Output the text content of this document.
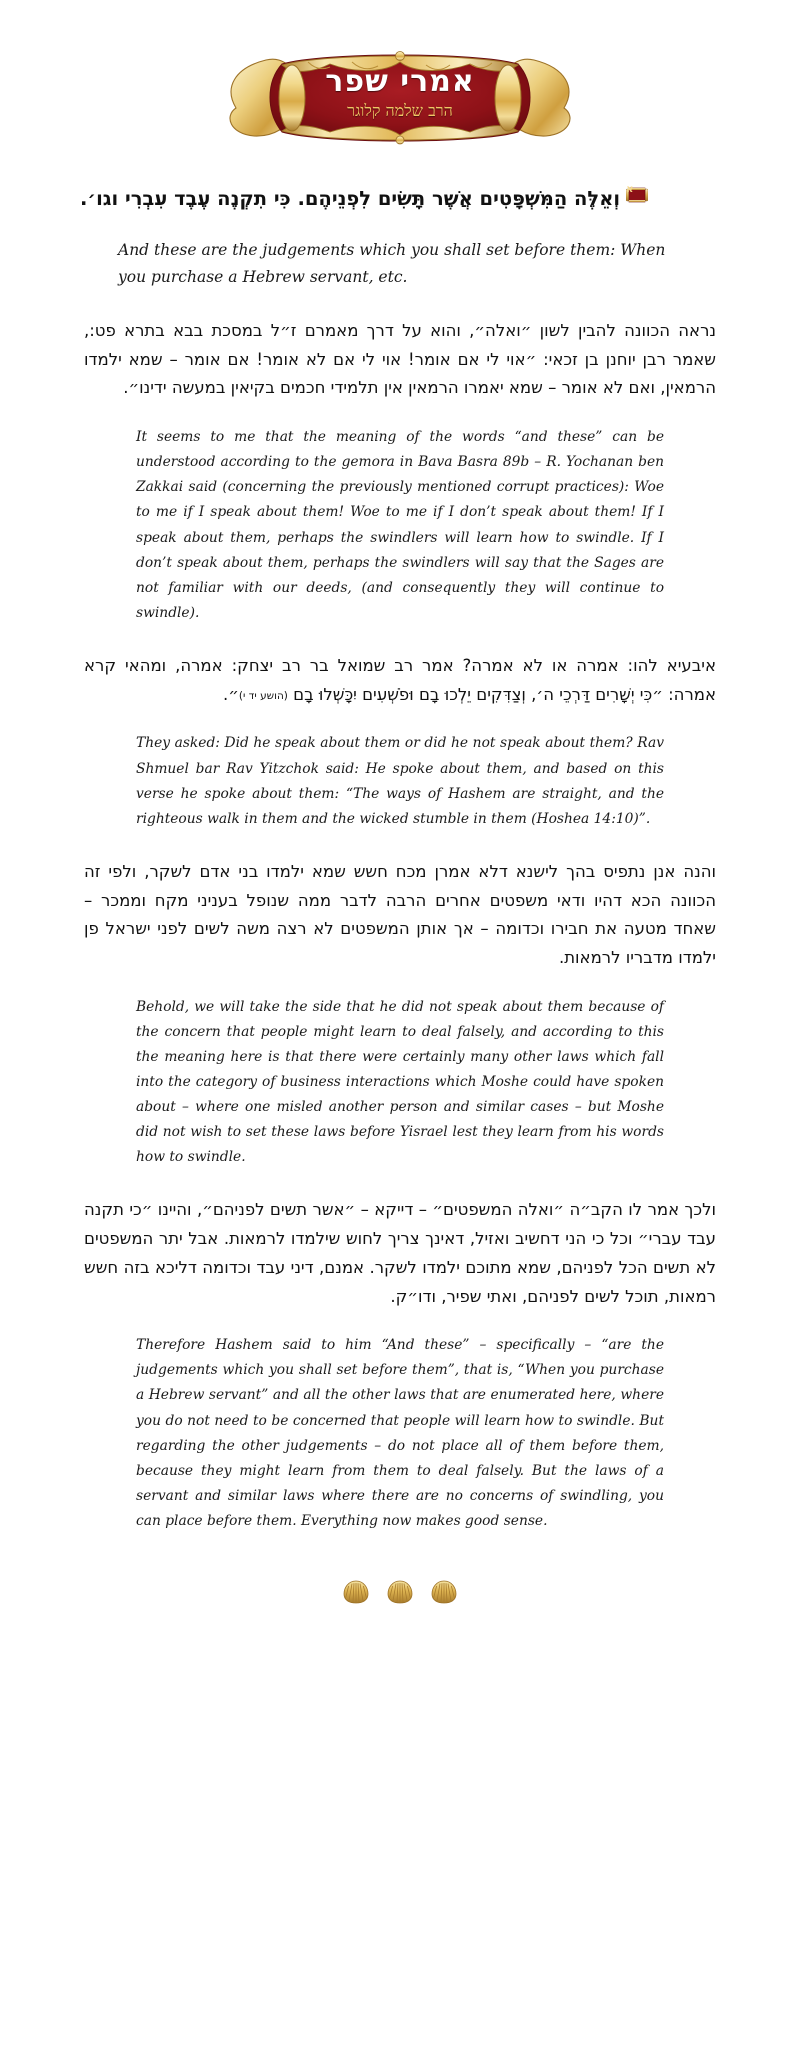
אמרי שפר
הרב שלמה קלוגר
א
וְאֵלֶּה הַמִּשְׁפָּטִים אֲשֶׁר תָּשִׂים לִפְנֵיהֶם. כִּי תִקְנֶה עֶבֶד עִבְרִי וגו׳.
And these are the judgements which you shall set before them: When you purchase a Hebrew servant, etc.

נראה הכוונה להבין לשון ״ואלה״, והוא על דרך מאמרם ז״ל במסכת בבא בתרא פט:, שאמר רבן יוחנן בן זכאי: ״אוי לי אם אומר! אוי לי אם לא אומר! אם אומר – שמא ילמדו הרמאין, ואם לא אומר – שמא יאמרו הרמאין אין תלמידי חכמים בקיאין במעשה ידינו״.

It seems to me that the meaning of the words “and these” can be understood according to the gemora in Bava Basra 89b – R. Yochanan ben Zakkai said (concerning the previously mentioned corrupt practices): Woe to me if I speak about them! Woe to me if I don’t speak about them! If I speak about them, perhaps the swindlers will learn how to swindle. If I don’t speak about them, perhaps the swindlers will say that the Sages are not familiar with our deeds, (and consequently they will continue to swindle).

איבעיא להו: אמרה או לא אמרה? אמר רב שמואל בר רב יצחק: אמרה, ומהאי קרא אמרה: ״כִּי יְשָׁרִים דַּרְכֵי ה׳, וְצַדִּקִים יֵלְכוּ בָם וּפֹשְׁעִים יִכָּשְׁלוּ בָם (הושע יד י)״.

They asked: Did he speak about them or did he not speak about them? Rav Shmuel bar Rav Yitzchok said: He spoke about them, and based on this verse he spoke about them: “The ways of Hashem are straight, and the righteous walk in them and the wicked stumble in them (Hoshea 14:10)”.

והנה אנן נתפיס בהך לישנא דלא אמרן מכח חשש שמא ילמדו בני אדם לשקר, ולפי זה הכוונה הכא דהיו ודאי משפטים אחרים הרבה לדבר ממה שנופל בעניני מקח וממכר – שאחד מטעה את חבירו וכדומה – אך אותן המשפטים לא רצה משה לשים לפני ישראל פן ילמדו מדבריו לרמאות.

Behold, we will take the side that he did not speak about them because of the concern that people might learn to deal falsely, and according to this the meaning here is that there were certainly many other laws which fall into the category of business interactions which Moshe could have spoken about – where one misled another person and similar cases – but Moshe did not wish to set these laws before Yisrael lest they learn from his words how to swindle.

ולכך אמר לו הקב״ה ״ואלה המשפטים״ – דייקא – ״אשר תשים לפניהם״, והיינו ״כי תקנה עבד עברי״ וכל כי הני דחשיב ואזיל, דאינך צריך לחוש שילמדו לרמאות. אבל יתר המשפטים לא תשים הכל לפניהם, שמא מתוכם ילמדו לשקר. אמנם, דיני עבד וכדומה דליכא בזה חשש רמאות, תוכל לשים לפניהם, ואתי שפיר, ודו״ק.

Therefore Hashem said to him “And these” – specifically – “are the judgements which you shall set before them”, that is, “When you purchase a Hebrew servant” and all the other laws that are enumerated here, where you do not need to be concerned that people will learn how to swindle. But regarding the other judgements – do not place all of them before them, because they might learn from them to deal falsely. But the laws of a servant and similar laws where there are no concerns of swindling, you can place before them. Everything now makes good sense.
